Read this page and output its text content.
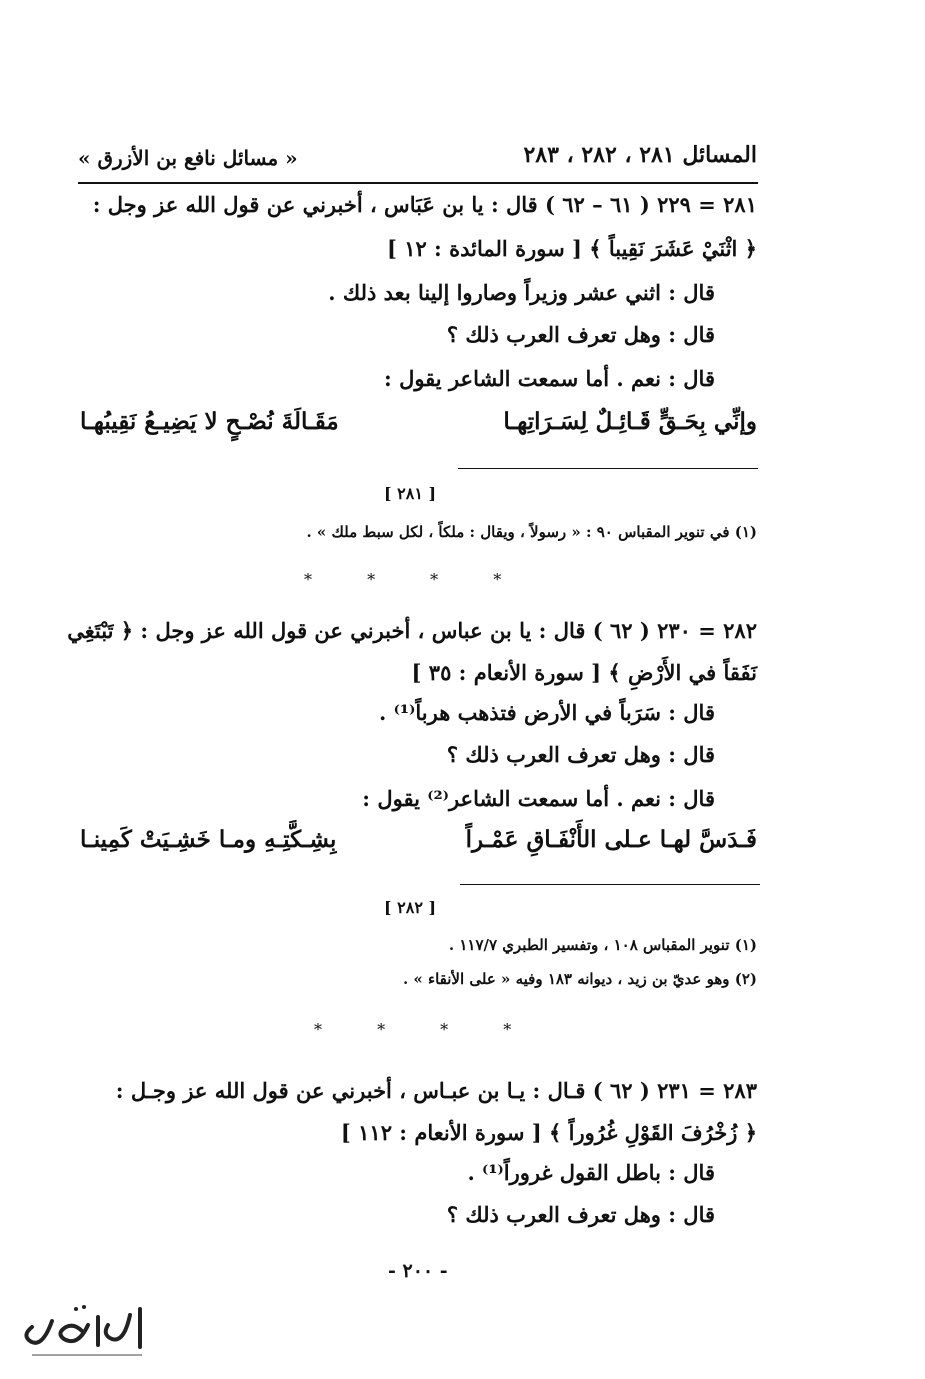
المسائل ٢٨١ ، ٢٨٢ ، ٢٨٣
« مسائل نافع بن الأزرق »
٢٨١ = ٢٢٩ ( ٦١ – ٦٢ ) قال : يا بن عَبَاس ، أخبرني عن قول الله عز وجل :
﴿ اثْنَيْ عَشَرَ نَقِيباً ﴾ [ سورة المائدة : ١٢ ]
قال : اثني عشر وزيراً وصاروا إلينا بعد ذلك .
قال : وهل تعرف العرب ذلك ؟
قال : نعم . أما سمعت الشاعر يقول :
وإنِّي بِحَـقٍّ قَـائِـلٌ لِسَـرَاتِهـا
مَقَـالَةَ نُصْـحٍ لا يَضِيـعُ نَقِيبُهـا
[ ٢٨١ ]
(١) في تنوير المقباس ٩٠ : « رسولاً ، ويقال : ملكاً ، لكل سبط ملك » .
* * * *
٢٨٢ = ٢٣٠ ( ٦٢ ) قال : يا بن عباس ، أخبرني عن قول الله عز وجل : ﴿ تَبْتَغِي
نَفَقاً في الأَرْضِ ﴾ [ سورة الأنعام : ٣٥ ]
قال : سَرَباً في الأرض فتذهب هرباً⁽¹⁾ .
قال : وهل تعرف العرب ذلك ؟
قال : نعم . أما سمعت الشاعر⁽²⁾ يقول :
فَـدَسَّ لهـا عـلى الأَنْفَـاقِ عَمْـراً
بِشِـكَّتِـهِ ومـا خَشِـيَتْ كَمِينـا
[ ٢٨٢ ]
(١) تنوير المقباس ١٠٨ ، وتفسير الطبري ١١٧/٧ .
(٢) وهو عديّ بن زيد ، ديوانه ١٨٣ وفيه « على الأنقاء » .
* * * *
٢٨٣ = ٢٣١ ( ٦٢ ) قـال : يـا بن عبـاس ، أخبرني عن قول الله عز وجـل :
﴿ زُخْرُفَ القَوْلِ غُرُوراً ﴾ [ سورة الأنعام : ١١٢ ]
قال : باطل القول غروراً⁽¹⁾ .
قال : وهل تعرف العرب ذلك ؟
- ٢٠٠ -
